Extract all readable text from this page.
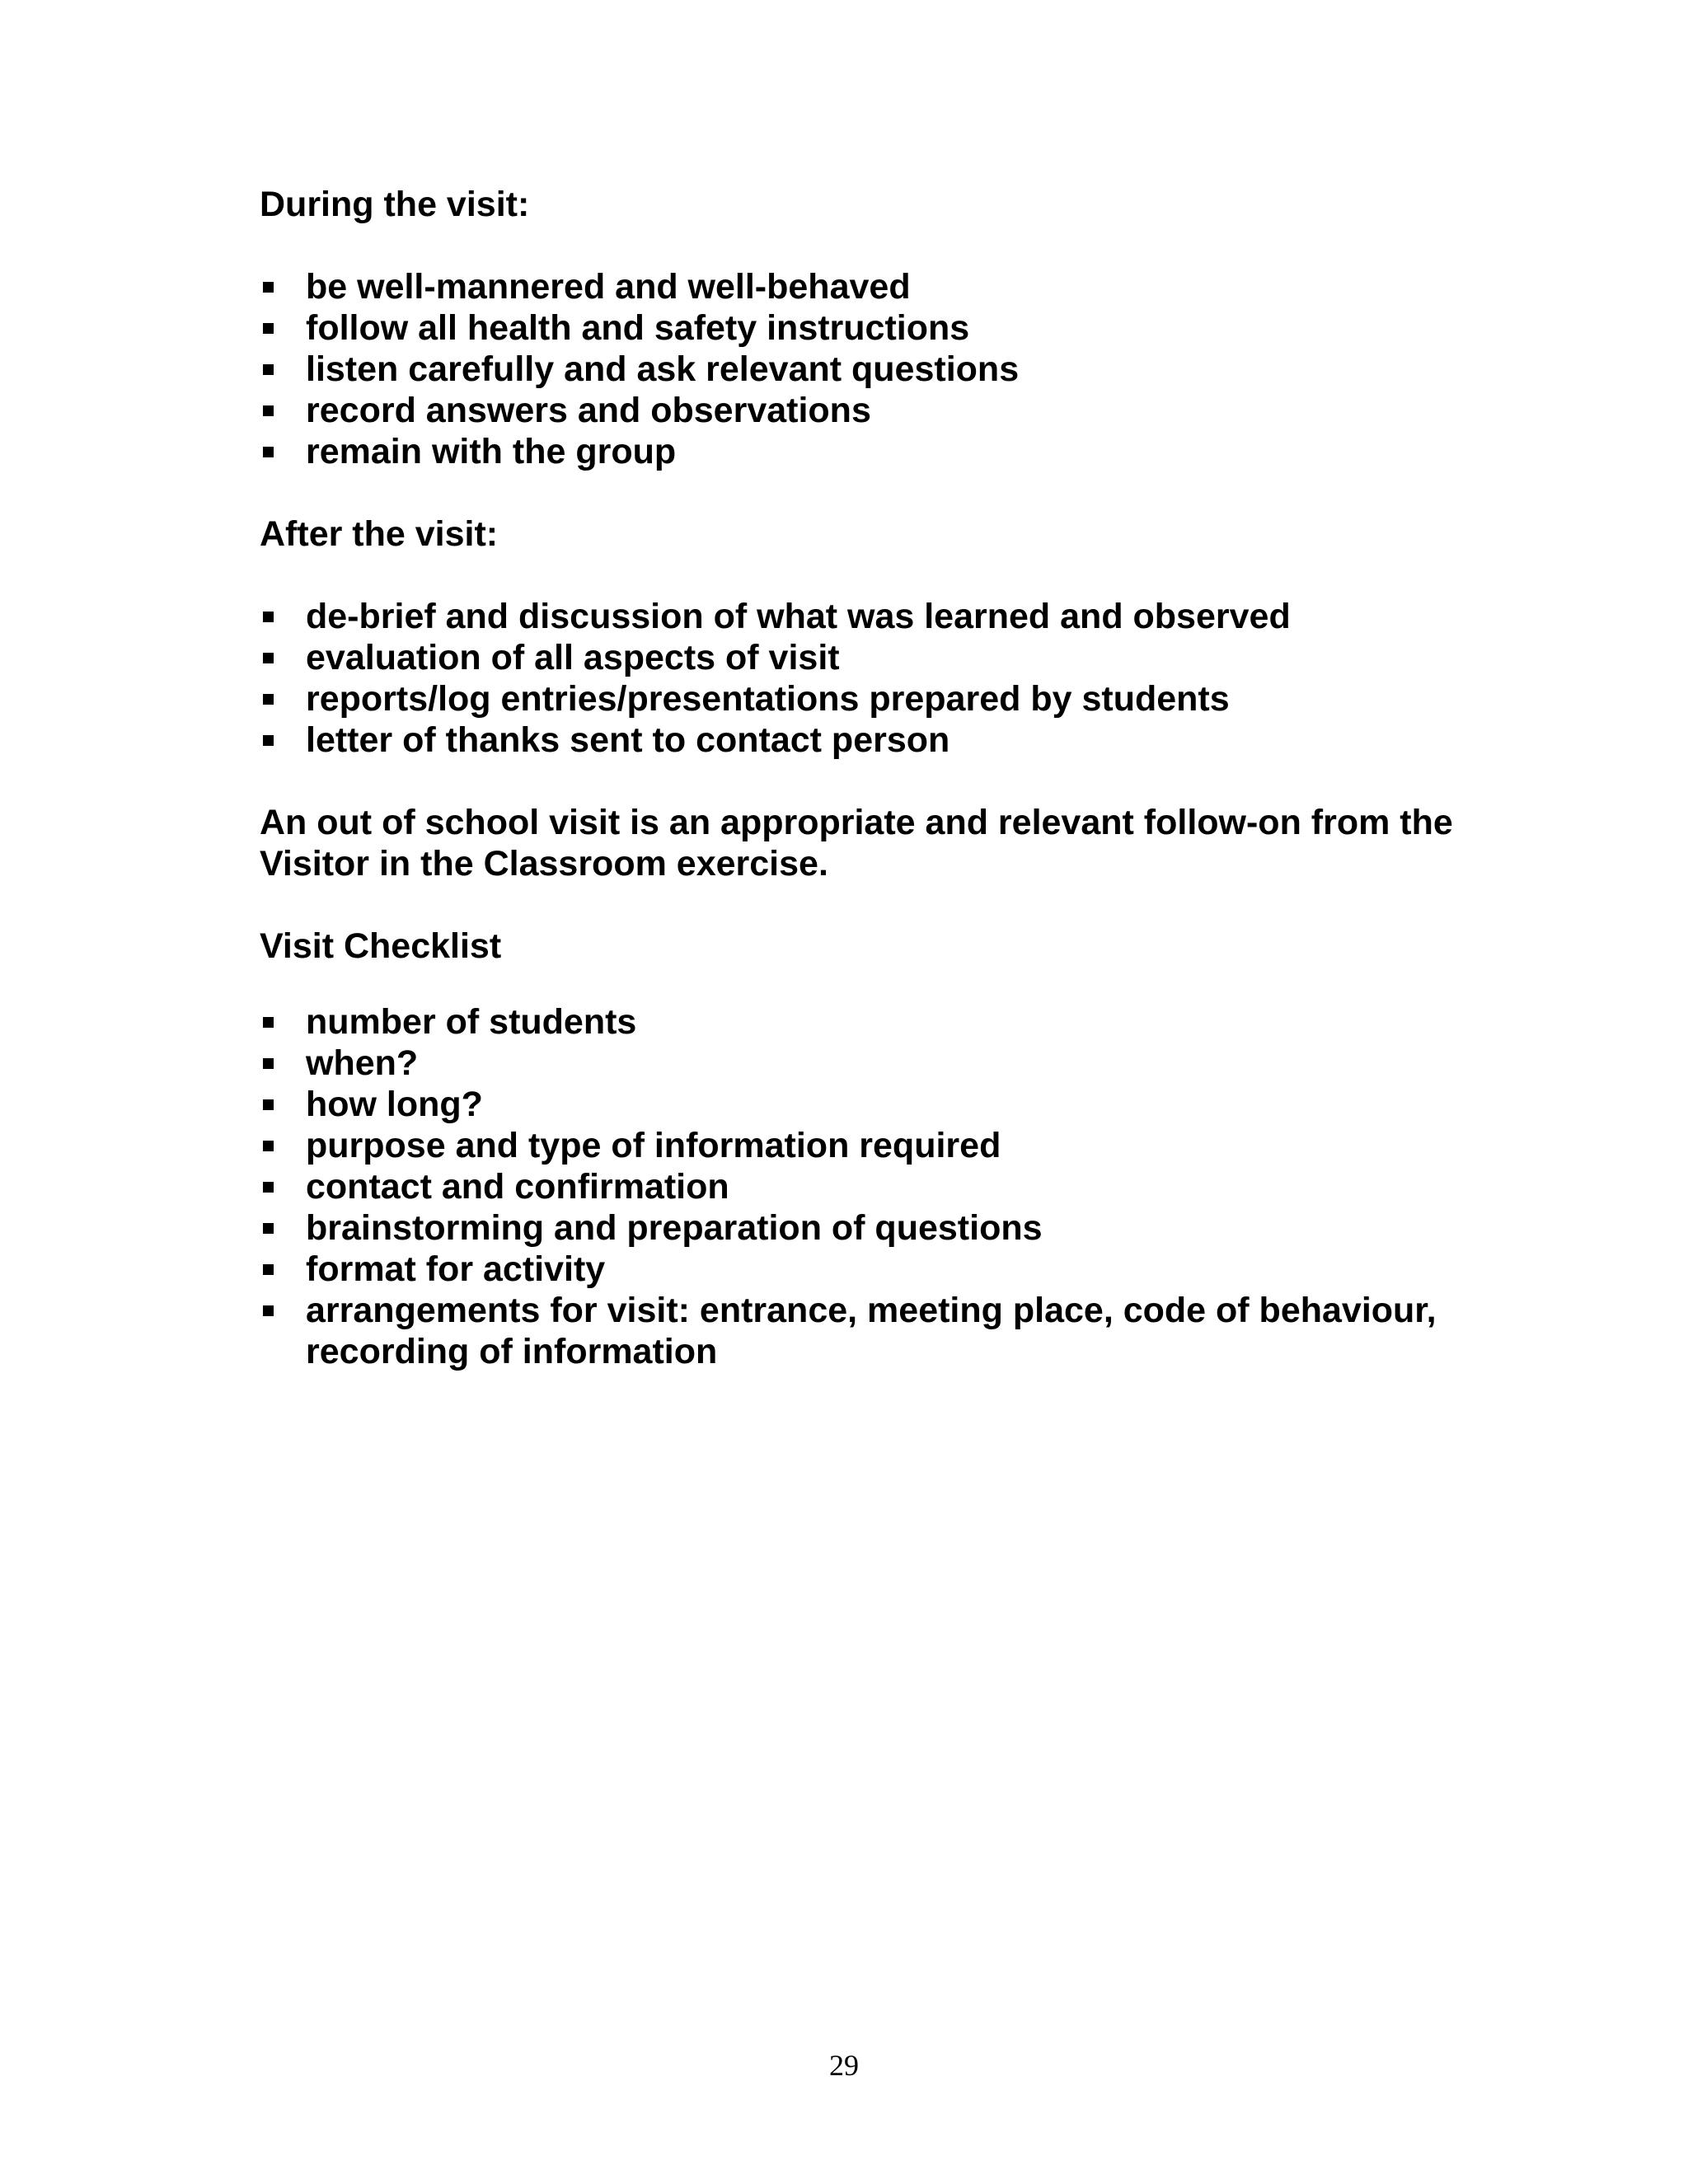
During the visit:
be well-mannered and well-behaved
follow all health and safety instructions
listen carefully and ask relevant questions
record answers and observations
remain with the group
After the visit:
de-brief and discussion of what was learned and observed
evaluation of all aspects of visit
reports/log entries/presentations prepared by students
letter of thanks sent to contact person

An out of school visit is an appropriate and relevant follow-on from the Visitor in the Classroom exercise.

Visit Checklist
number of students
when?
how long?
purpose and type of information required
contact and confirmation
brainstorming and preparation of questions
format for activity
arrangements for visit: entrance, meeting place, code of behaviour, recording of information
29
